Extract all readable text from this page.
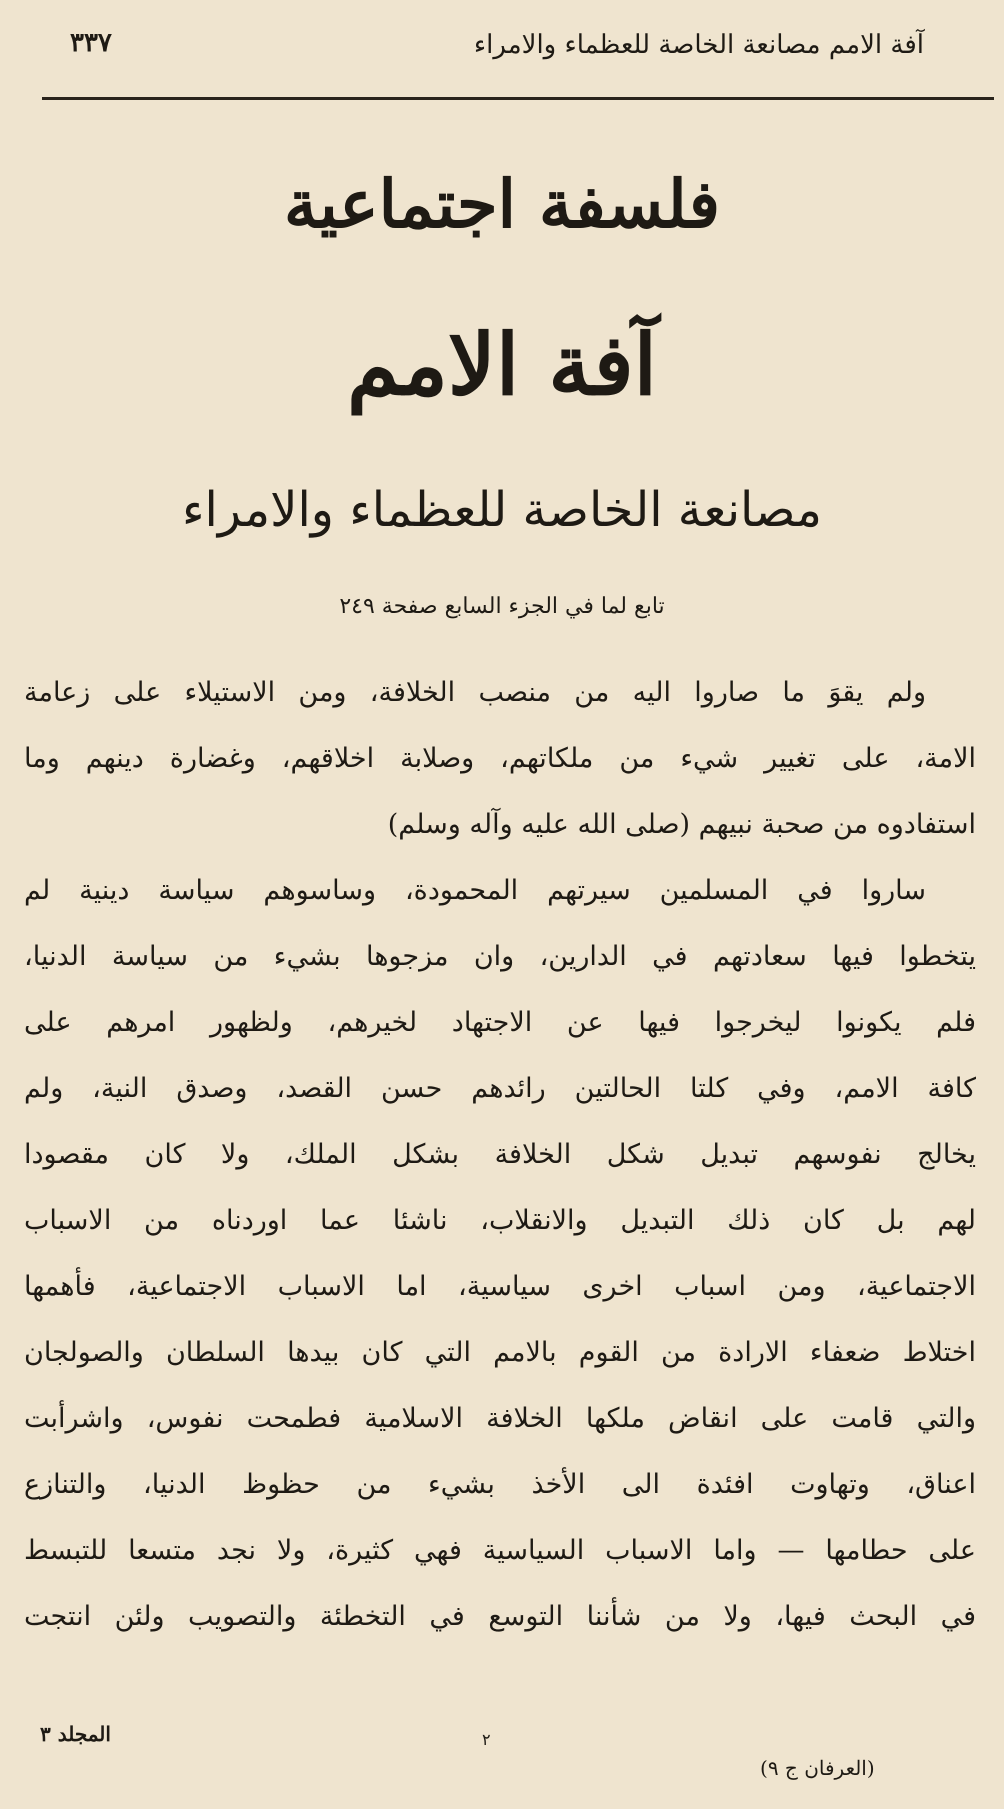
آفة الامم مصانعة الخاصة للعظماء والامراء
٣٣٧
فلسفة اجتماعية
آفة الامم
مصانعة الخاصة للعظماء والامراء
تابع لما في الجزء السابع صفحة ٢٤٩
ولم يقوَ ما صاروا اليه من منصب الخلافة، ومن الاستيلاء على زعامة
الامة، على تغيير شيء من ملكاتهم، وصلابة اخلاقهم، وغضارة دينهم وما
استفادوه من صحبة نبيهم (صلى الله عليه وآله وسلم)
ساروا في المسلمين سيرتهم المحمودة، وساسوهم سياسة دينية لم
يتخطوا فيها سعادتهم في الدارين، وان مزجوها بشيء من سياسة الدنيا،
فلم يكونوا ليخرجوا فيها عن الاجتهاد لخيرهم، ولظهور امرهم على
كافة الامم، وفي كلتا الحالتين رائدهم حسن القصد، وصدق النية، ولم
يخالج نفوسهم تبديل شكل الخلافة بشكل الملك، ولا كان مقصودا
لهم بل كان ذلك التبديل والانقلاب، ناشئا عما اوردناه من الاسباب
الاجتماعية، ومن اسباب اخرى سياسية، اما الاسباب الاجتماعية، فأهمها
اختلاط ضعفاء الارادة من القوم بالامم التي كان بيدها السلطان والصولجان
والتي قامت على انقاض ملكها الخلافة الاسلامية فطمحت نفوس، واشرأبت
اعناق، وتهاوت افئدة الى الأخذ بشيء من حظوظ الدنيا، والتنازع
على حطامها — واما الاسباب السياسية فهي كثيرة، ولا نجد متسعا للتبسط
في البحث فيها، ولا من شأننا التوسع في التخطئة والتصويب ولئن انتجت
المجلد ٣	٢
(العرفان ج ٩)
